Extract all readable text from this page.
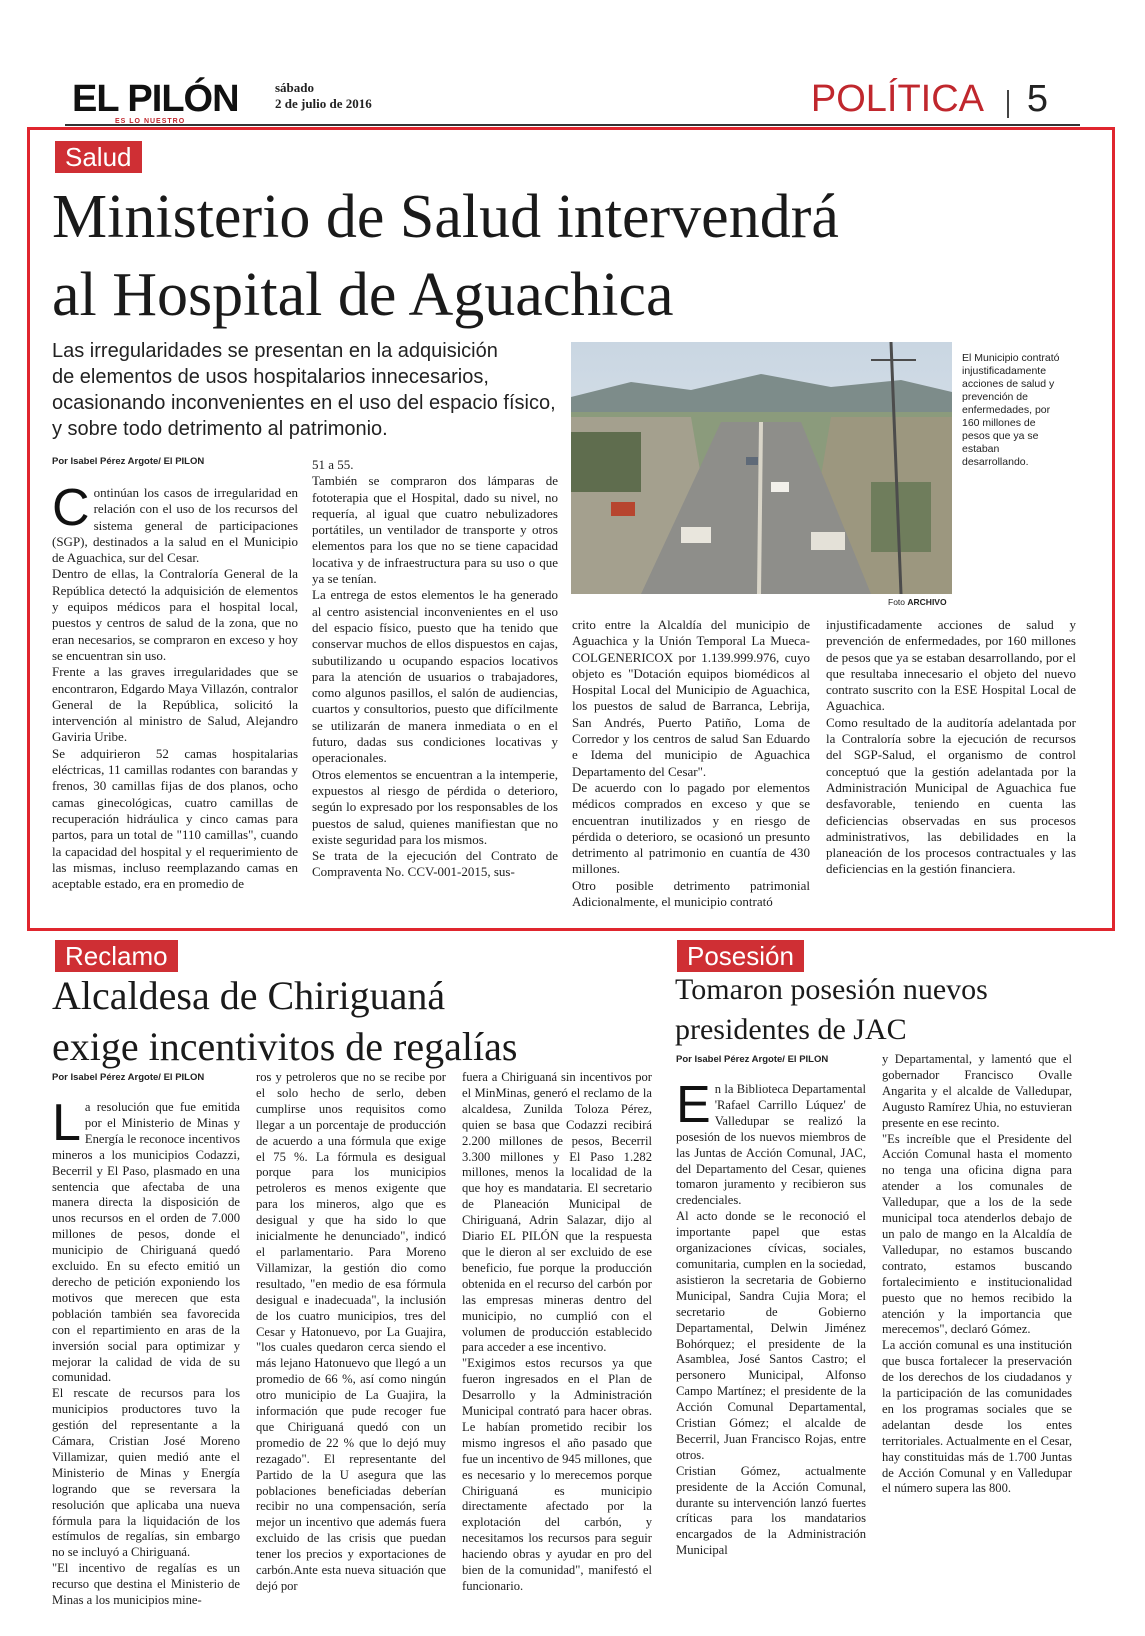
EL PILÓN
ES LO NUESTRO
sábado
2 de julio de 2016	POLÍTICA 5
Salud
Ministerio de Salud intervendrá
al Hospital de Aguachica
Las irregularidades se presentan en la adquisición
de elementos de usos hospitalarios innecesarios,
ocasionando inconvenientes en el uso del espacio físico,
y sobre todo detrimento al patrimonio.
Por Isabel Pérez Argote/ El PILON
C ontinúan los casos de irregularidad en relación con el uso de los recursos del sistema general de participaciones (SGP), destinados a la salud en el Municipio de Aguachica, sur del Cesar.

Dentro de ellas, la Contraloría General de la República detectó la adquisición de elementos y equipos médicos para el hospital local, puestos y centros de salud de la zona, que no eran necesarios, se compraron en exceso y hoy se encuentran sin uso.

Frente a las graves irregularidades que se encontraron, Edgardo Maya Villazón, contralor General de la República, solicitó la intervención al ministro de Salud, Alejandro Gaviria Uribe.

Se adquirieron 52 camas hospitalarias eléctricas, 11 camillas rodantes con barandas y frenos, 30 camillas fijas de dos planos, ocho camas ginecológicas, cuatro camillas de recuperación hidráulica y cinco camas para partos, para un total de "110 camillas", cuando la capacidad del hospital y el requerimiento de las mismas, incluso reemplazando camas en aceptable estado, era en promedio de

51 a 55.

También se compraron dos lámparas de fototerapia que el Hospital, dado su nivel, no requería, al igual que cuatro nebulizadores portátiles, un ventilador de transporte y otros elementos para los que no se tiene capacidad locativa y de infraestructura para su uso o que ya se tenían.

La entrega de estos elementos le ha generado al centro asistencial inconvenientes en el uso del espacio físico, puesto que ha tenido que conservar muchos de ellos dispuestos en cajas, subutilizando u ocupando espacios locativos para la atención de usuarios o trabajadores, como algunos pasillos, el salón de audiencias, cuartos y consultorios, puesto que difícilmente se utilizarán de manera inmediata o en el futuro, dadas sus condiciones locativas y operacionales.

Otros elementos se encuentran a la intemperie, expuestos al riesgo de pérdida o deterioro, según lo expresado por los responsables de los puestos de salud, quienes manifiestan que no existe seguridad para los mismos.

Se trata de la ejecución del Contrato de Compraventa No. CCV-001-2015, sus-

El Municipio contrató injustificadamente acciones de salud y prevención de enfermedades, por 160 millones de pesos que ya se estaban desarrollando.
Foto ARCHIVO

crito entre la Alcaldía del municipio de Aguachica y la Unión Temporal La Mueca-COLGENERICOX por 1.139.999.976, cuyo objeto es "Dotación equipos biomédicos al Hospital Local del Municipio de Aguachica, los puestos de salud de Barranca, Lebrija, San Andrés, Puerto Patiño, Loma de Corredor y los centros de salud San Eduardo e Idema del municipio de Aguachica Departamento del Cesar".

De acuerdo con lo pagado por elementos médicos comprados en exceso y que se encuentran inutilizados y en riesgo de pérdida o deterioro, se ocasionó un presunto detrimento al patrimonio en cuantía de 430 millones.

Otro posible detrimento patrimonial Adicionalmente, el municipio contrató

injustificadamente acciones de salud y prevención de enfermedades, por 160 millones de pesos que ya se estaban desarrollando, por el que resultaba innecesario el objeto del nuevo contrato suscrito con la ESE Hospital Local de Aguachica.

Como resultado de la auditoría adelantada por la Contraloría sobre la ejecución de recursos del SGP-Salud, el organismo de control conceptuó que la gestión adelantada por la Administración Municipal de Aguachica fue desfavorable, teniendo en cuenta las deficiencias observadas en sus procesos administrativos, las debilidades en la planeación de los procesos contractuales y las deficiencias en la gestión financiera.

Reclamo
Alcaldesa de Chiriguaná
exige incentivitos de regalías
Por Isabel Pérez Argote/ El PILON
L a resolución que fue emitida por el Ministerio de Minas y Energía le reconoce incentivos mineros a los municipios Codazzi, Becerril y El Paso, plasmado en una sentencia que afectaba de una manera directa la disposición de unos recursos en el orden de 7.000 millones de pesos, donde el municipio de Chiriguaná quedó excluido. En su efecto emitió un derecho de petición exponiendo los motivos que merecen que esta población también sea favorecida con el repartimiento en aras de la inversión social para optimizar y mejorar la calidad de vida de su comunidad.

El rescate de recursos para los municipios productores tuvo la gestión del representante a la Cámara, Cristian José Moreno Villamizar, quien medió ante el Ministerio de Minas y Energía logrando que se reversara la resolución que aplicaba una nueva fórmula para la liquidación de los estímulos de regalías, sin embargo no se incluyó a Chiriguaná.

"El incentivo de regalías es un recurso que destina el Ministerio de Minas a los municipios mine-

ros y petroleros que no se recibe por el solo hecho de serlo, deben cumplirse unos requisitos como llegar a un porcentaje de producción de acuerdo a una fórmula que exige el 75 %. La fórmula es desigual porque para los municipios petroleros es menos exigente que para los mineros, algo que es desigual y que ha sido lo que inicialmente he denunciado", indicó el parlamentario. Para Moreno Villamizar, la gestión dio como resultado, "en medio de esa fórmula desigual e inadecuada", la inclusión de los cuatro municipios, tres del Cesar y Hatonuevo, por La Guajira, "los cuales quedaron cerca siendo el más lejano Hatonuevo que llegó a un promedio de 66 %, así como ningún otro municipio de La Guajira, la información que pude recoger fue que Chiriguaná quedó con un promedio de 22 % que lo dejó muy rezagado". El representante del Partido de la U asegura que las poblaciones beneficiadas deberían recibir no una compensación, sería mejor un incentivo que además fuera excluido de las crisis que puedan tener los precios y exportaciones de carbón.Ante esta nueva situación que dejó por

fuera a Chiriguaná sin incentivos por el MinMinas, generó el reclamo de la alcaldesa, Zunilda Toloza Pérez, quien se basa que Codazzi recibirá 2.200 millones de pesos, Becerril 3.300 millones y El Paso 1.282 millones, menos la localidad de la que hoy es mandataria. El secretario de Planeación Municipal de Chiriguaná, Adrin Salazar, dijo al Diario EL PILÓN que la respuesta que le dieron al ser excluido de ese beneficio, fue porque la producción obtenida en el recurso del carbón por las empresas mineras dentro del municipio, no cumplió con el volumen de producción establecido para acceder a ese incentivo.

"Exigimos estos recursos ya que fueron ingresados en el Plan de Desarrollo y la Administración Municipal contrató para hacer obras. Le habían prometido recibir los mismo ingresos el año pasado que fue un incentivo de 945 millones, que es necesario y lo merecemos porque Chiriguaná es municipio directamente afectado por la explotación del carbón, y necesitamos los recursos para seguir haciendo obras y ayudar en pro del bien de la comunidad", manifestó el funcionario.

Posesión
Tomaron posesión nuevos
presidentes de JAC
Por Isabel Pérez Argote/ El PILON
E n la Biblioteca Departamental 'Rafael Carrillo Lúquez' de Valledupar se realizó la posesión de los nuevos miembros de las Juntas de Acción Comunal, JAC, del Departamento del Cesar, quienes tomaron juramento y recibieron sus credenciales.

Al acto donde se le reconoció el importante papel que estas organizaciones cívicas, sociales, comunitaria, cumplen en la sociedad, asistieron la secretaria de Gobierno Municipal, Sandra Cujia Mora; el secretario de Gobierno Departamental, Delwin Jiménez Bohórquez; el presidente de la Asamblea, José Santos Castro; el personero Municipal, Alfonso Campo Martínez; el presidente de la Acción Comunal Departamental, Cristian Gómez; el alcalde de Becerril, Juan Francisco Rojas, entre otros.

Cristian Gómez, actualmente presidente de la Acción Comunal, durante su intervención lanzó fuertes críticas para los mandatarios encargados de la Administración Municipal

y Departamental, y lamentó que el gobernador Francisco Ovalle Angarita y el alcalde de Valledupar, Augusto Ramírez Uhia, no estuvieran presente en ese recinto.

"Es increíble que el Presidente del Acción Comunal hasta el momento no tenga una oficina digna para atender a los comunales de Valledupar, que a los de la sede municipal toca atenderlos debajo de un palo de mango en la Alcaldía de Valledupar, no estamos buscando contrato, estamos buscando fortalecimiento e institucionalidad puesto que no hemos recibido la atención y la importancia que merecemos", declaró Gómez.

La acción comunal es una institución que busca fortalecer la preservación de los derechos de los ciudadanos y la participación de las comunidades en los programas sociales que se adelantan desde los entes territoriales. Actualmente en el Cesar, hay constituidas más de 1.700 Juntas de Acción Comunal y en Valledupar el número supera las 800.
